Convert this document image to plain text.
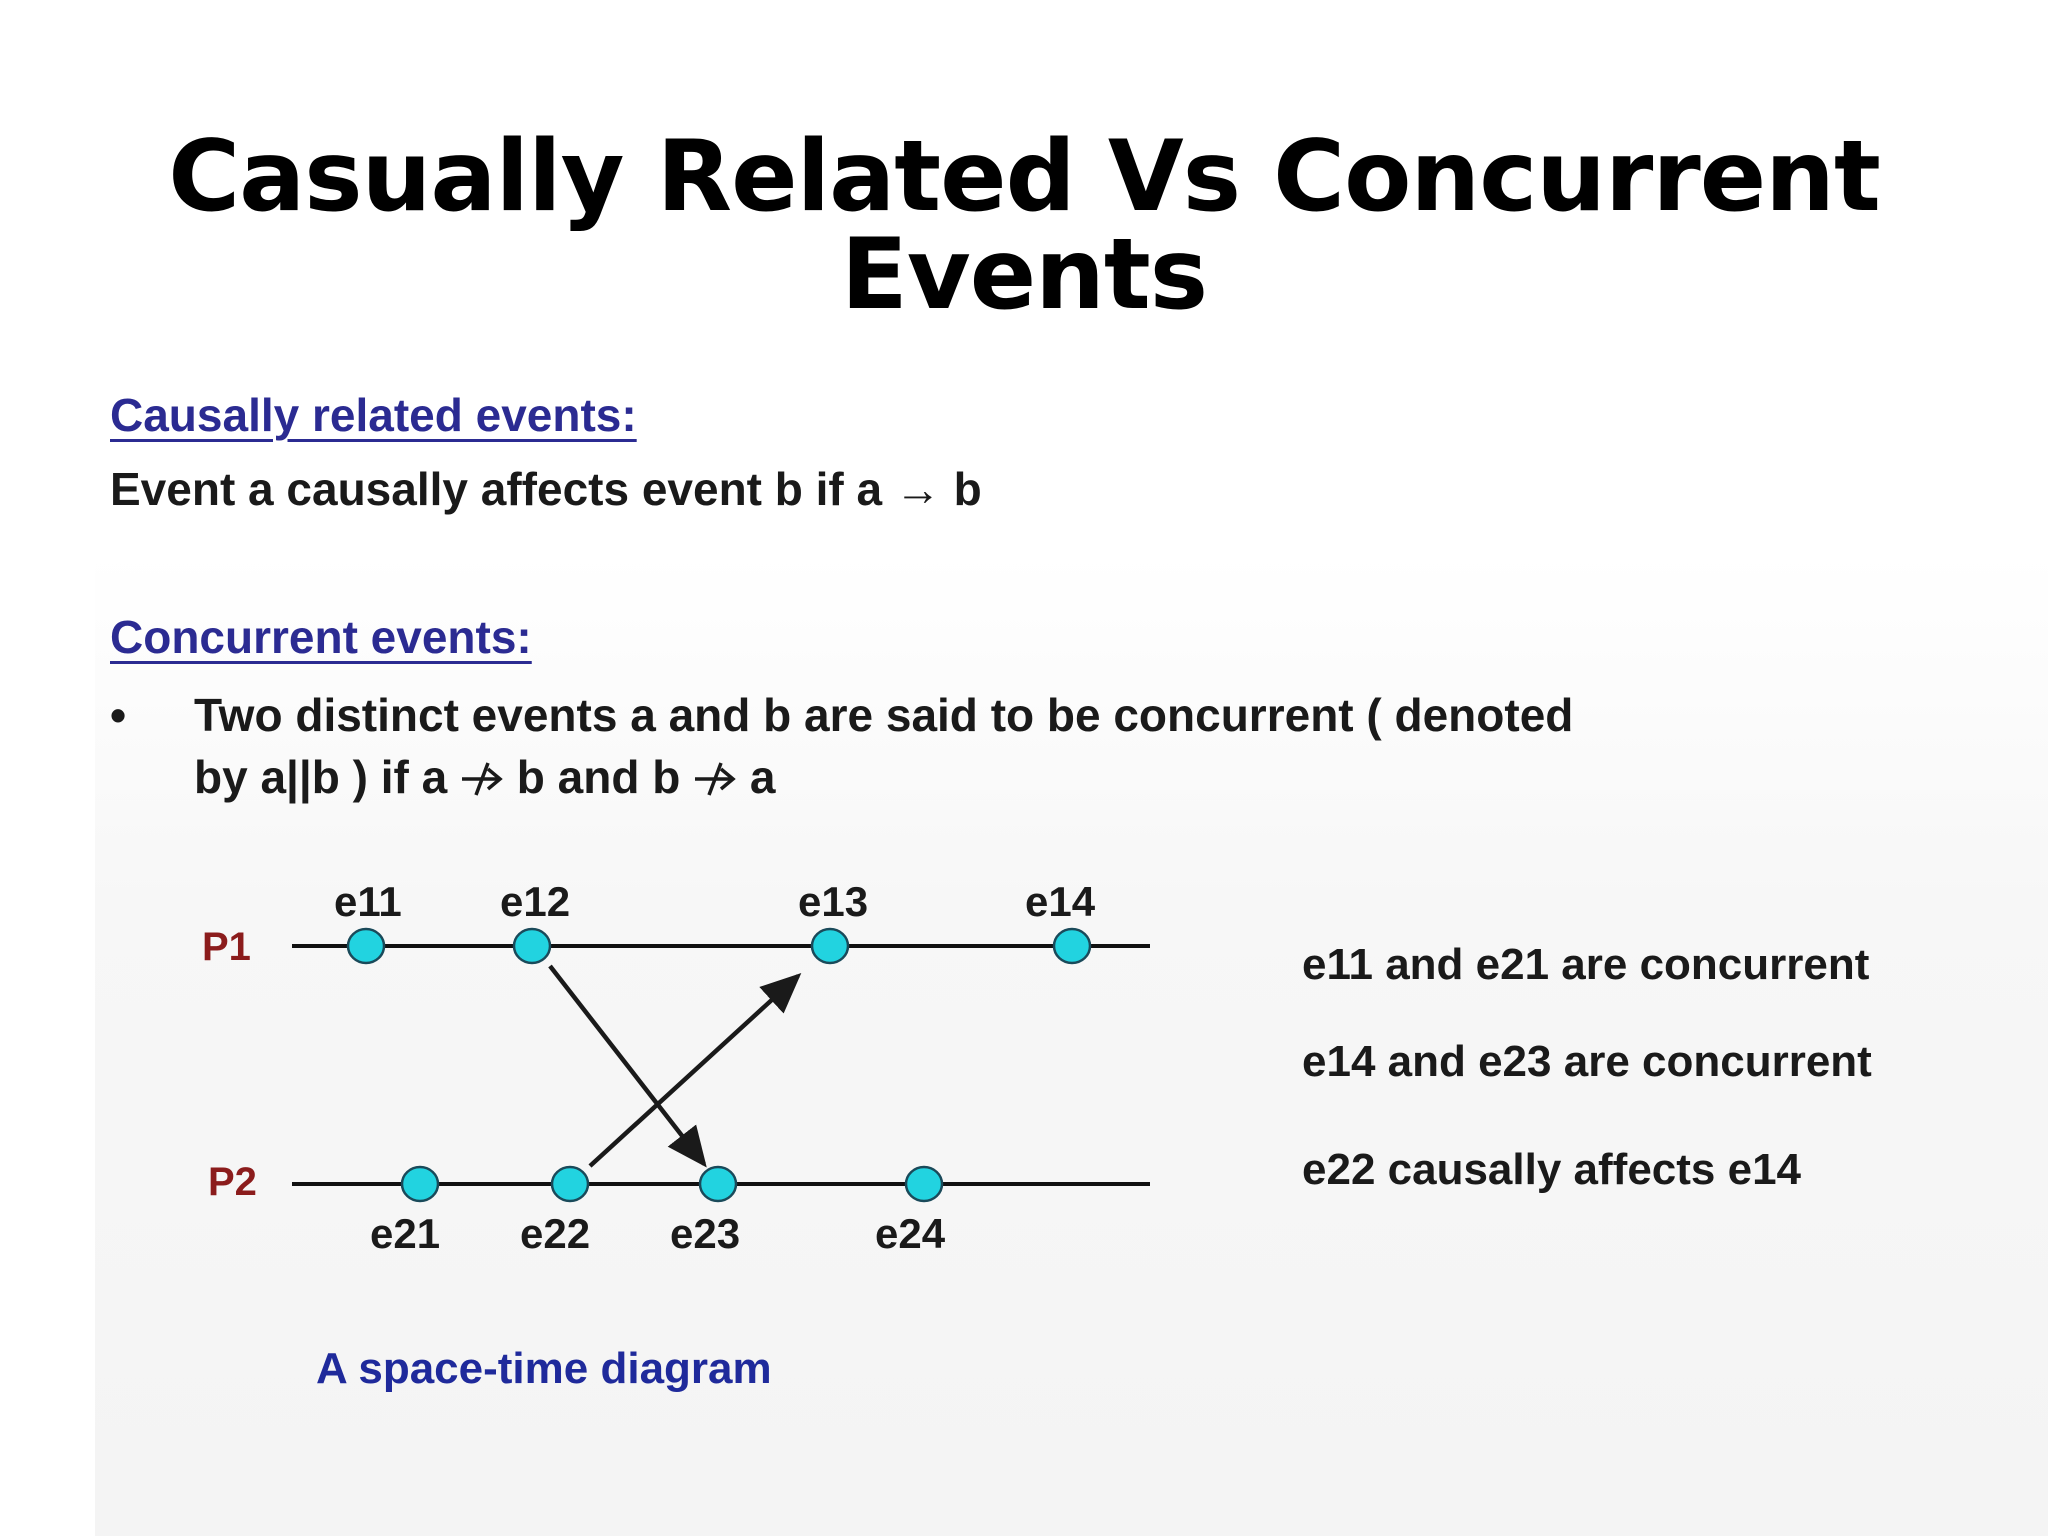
Casually Related Vs Concurrent Events
Causally related events:
Event a causally affects event b if a → b
Concurrent events:
• Two distinct events a and b are said to be concurrent ( denoted
by a||b ) if a b and b a
P1
P2
e11 e12	e13	e14
e21 e22 e23	e24
A space-time diagram
e11 and e21 are concurrent
e14 and e23 are concurrent
e22 causally affects e14
